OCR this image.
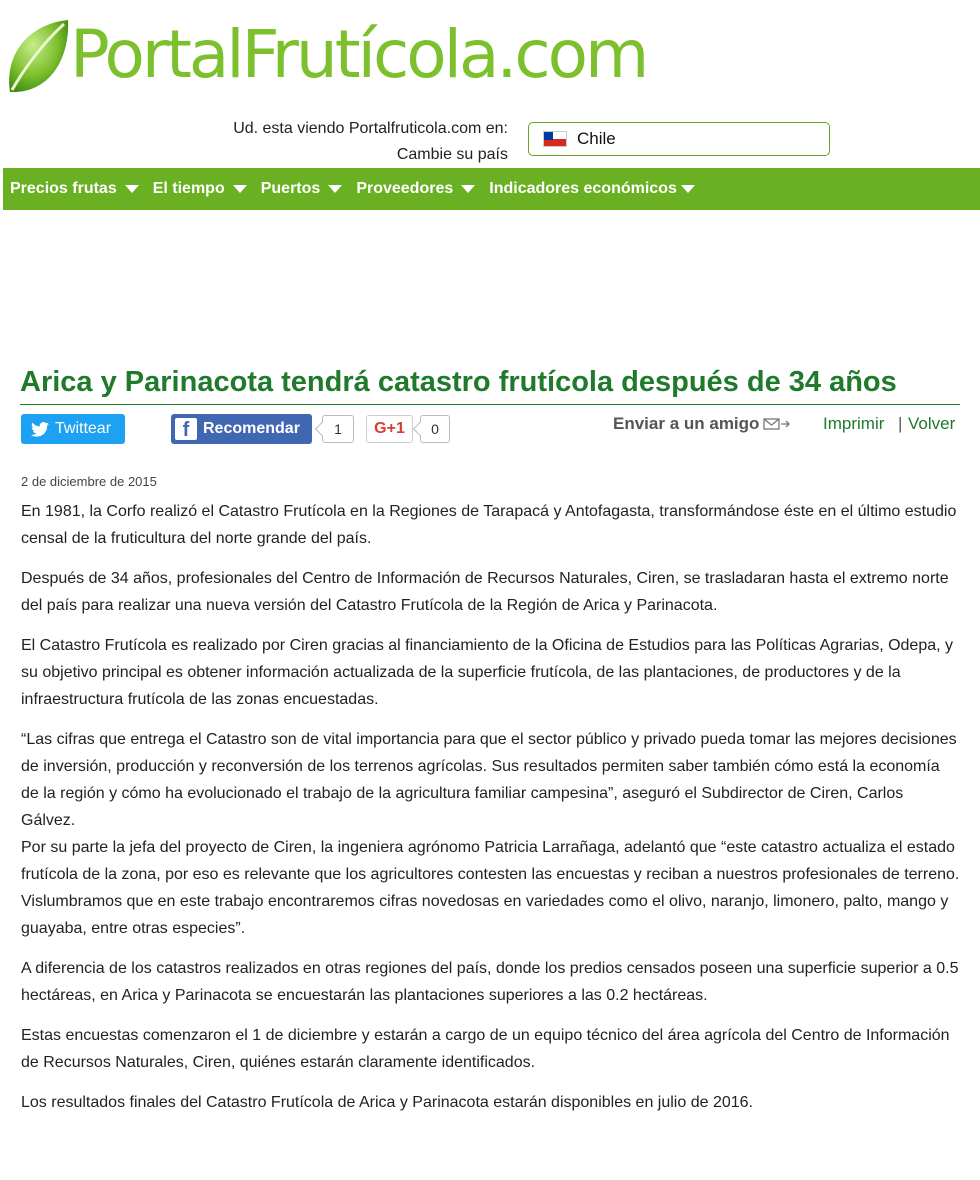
PortalFrutícola.com
Ud. esta viendo Portalfruticola.com en:
Cambie su país
Chile
Precios frutas El tiempo Puertos Proveedores Indicadores económicos
Arica y Parinacota tendrá catastro frutícola después de 34 años
Twittear	f Recomendar	1	G+1	0	Enviar a un amigo	Imprimir | Volver
2 de diciembre de 2015

En 1981, la Corfo realizó el Catastro Frutícola en la Regiones de Tarapacá y Antofagasta, transformándose éste en el último estudio censal de la fruticultura del norte grande del país.

Después de 34 años, profesionales del Centro de Información de Recursos Naturales, Ciren, se trasladaran hasta el extremo norte del país para realizar una nueva versión del Catastro Frutícola de la Región de Arica y Parinacota.

El Catastro Frutícola es realizado por Ciren gracias al financiamiento de la Oficina de Estudios para las Políticas Agrarias, Odepa, y su objetivo principal es obtener información actualizada de la superficie frutícola, de las plantaciones, de productores y de la infraestructura frutícola de las zonas encuestadas.

“Las cifras que entrega el Catastro son de vital importancia para que el sector público y privado pueda tomar las mejores decisiones de inversión, producción y reconversión de los terrenos agrícolas. Sus resultados permiten saber también cómo está la economía de la región y cómo ha evolucionado el trabajo de la agricultura familiar campesina”, aseguró el Subdirector de Ciren, Carlos Gálvez.

Por su parte la jefa del proyecto de Ciren, la ingeniera agrónomo Patricia Larrañaga, adelantó que “este catastro actualiza el estado frutícola de la zona, por eso es relevante que los agricultores contesten las encuestas y reciban a nuestros profesionales de terreno. Vislumbramos que en este trabajo encontraremos cifras novedosas en variedades como el olivo, naranjo, limonero, palto, mango y guayaba, entre otras especies”.

A diferencia de los catastros realizados en otras regiones del país, donde los predios censados poseen una superficie superior a 0.5 hectáreas, en Arica y Parinacota se encuestarán las plantaciones superiores a las 0.2 hectáreas.

Estas encuestas comenzaron el 1 de diciembre y estarán a cargo de un equipo técnico del área agrícola del Centro de Información de Recursos Naturales, Ciren, quiénes estarán claramente identificados.

Los resultados finales del Catastro Frutícola de Arica y Parinacota estarán disponibles en julio de 2016.
